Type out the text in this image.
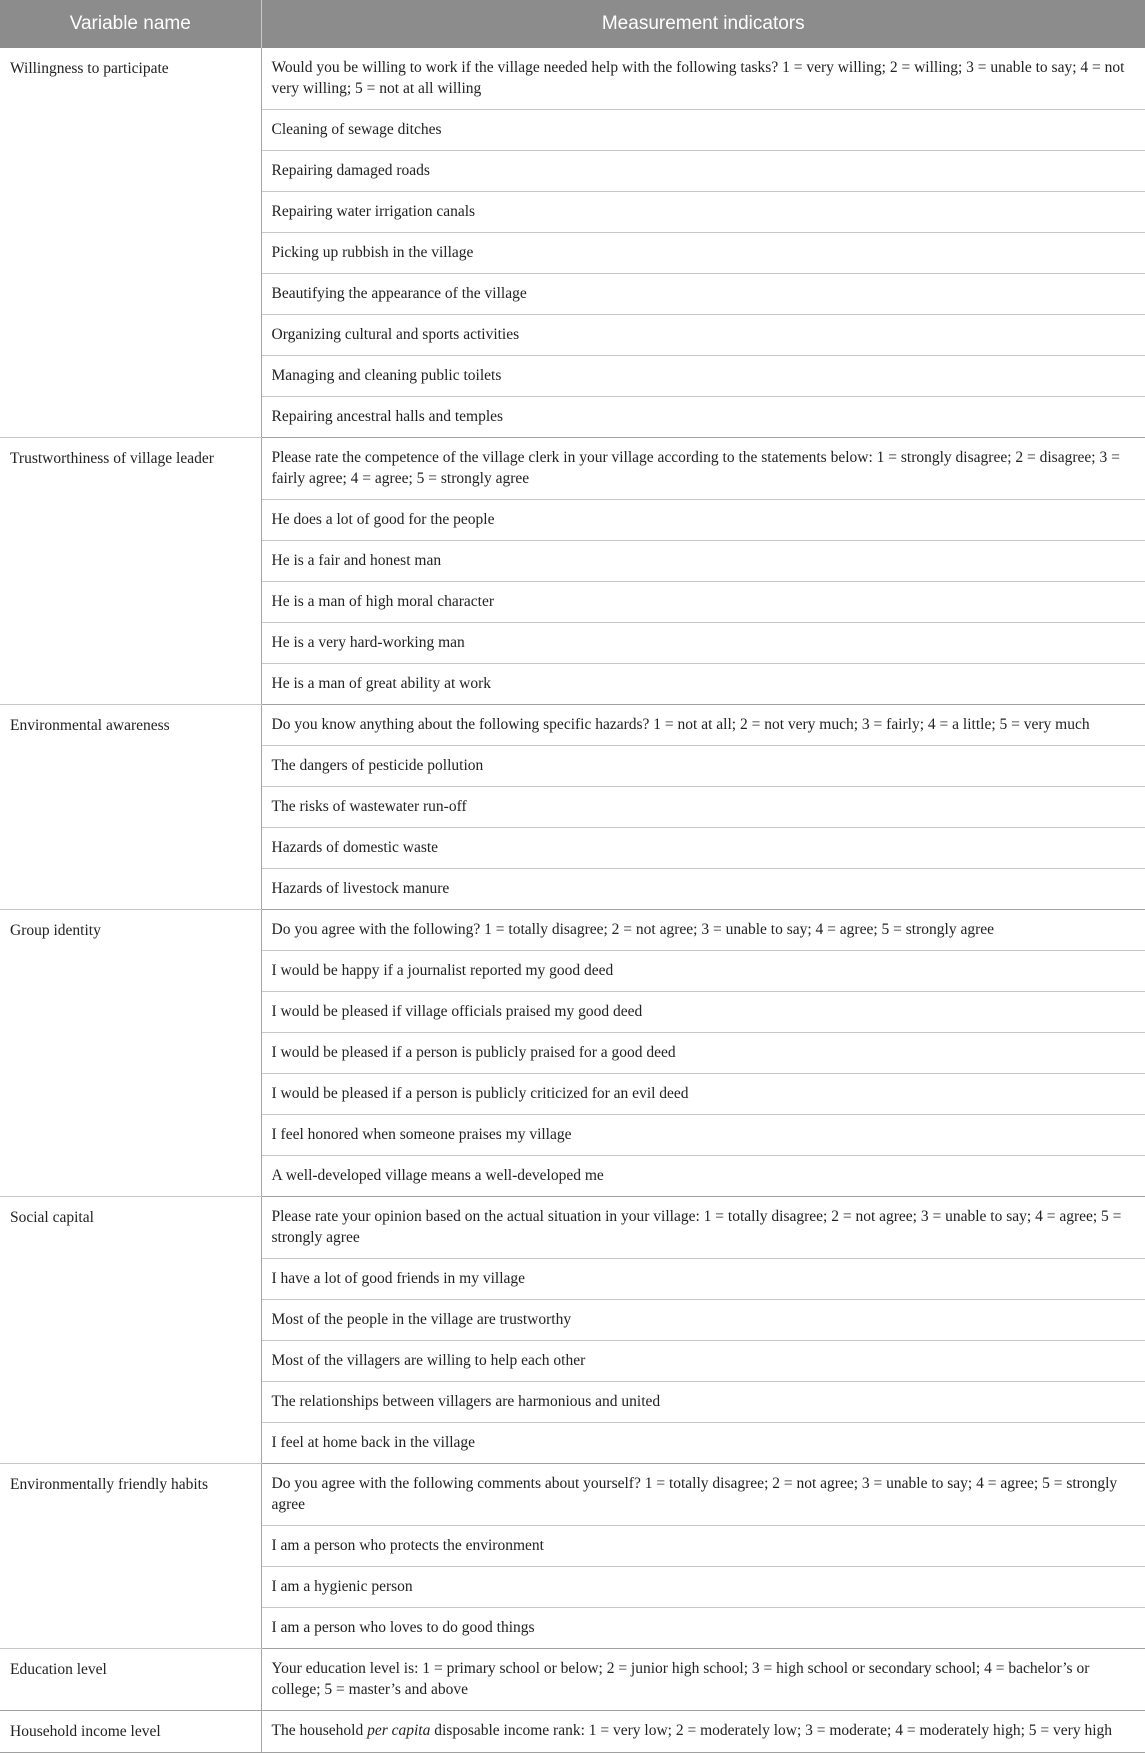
Variable name	Measurement indicators
Willingness to participate	Would you be willing to work if the village needed help with the following tasks? 1 = very willing; 2 = willing; 3 = unable to say; 4 = not very willing; 5 = not at all willing
	Cleaning of sewage ditches
	Repairing damaged roads
	Repairing water irrigation canals
	Picking up rubbish in the village
	Beautifying the appearance of the village
	Organizing cultural and sports activities
	Managing and cleaning public toilets
	Repairing ancestral halls and temples
Trustworthiness of village leader	Please rate the competence of the village clerk in your village according to the statements below: 1 = strongly disagree; 2 = disagree; 3 = fairly agree; 4 = agree; 5 = strongly agree
	He does a lot of good for the people
	He is a fair and honest man
	He is a man of high moral character
	He is a very hard-working man
	He is a man of great ability at work
Environmental awareness	Do you know anything about the following specific hazards? 1 = not at all; 2 = not very much; 3 = fairly; 4 = a little; 5 = very much
	The dangers of pesticide pollution
	The risks of wastewater run-off
	Hazards of domestic waste
	Hazards of livestock manure
Group identity	Do you agree with the following? 1 = totally disagree; 2 = not agree; 3 = unable to say; 4 = agree; 5 = strongly agree
	I would be happy if a journalist reported my good deed
	I would be pleased if village officials praised my good deed
	I would be pleased if a person is publicly praised for a good deed
	I would be pleased if a person is publicly criticized for an evil deed
	I feel honored when someone praises my village
	A well-developed village means a well-developed me
Social capital	Please rate your opinion based on the actual situation in your village: 1 = totally disagree; 2 = not agree; 3 = unable to say; 4 = agree; 5 = strongly agree
	I have a lot of good friends in my village
	Most of the people in the village are trustworthy
	Most of the villagers are willing to help each other
	The relationships between villagers are harmonious and united
	I feel at home back in the village
Environmentally friendly habits	Do you agree with the following comments about yourself? 1 = totally disagree; 2 = not agree; 3 = unable to say; 4 = agree; 5 = strongly agree
	I am a person who protects the environment
	I am a hygienic person
	I am a person who loves to do good things
Education level	Your education level is: 1 = primary school or below; 2 = junior high school; 3 = high school or secondary school; 4 = bachelor’s or college; 5 = master’s and above
Household income level	The household per capita disposable income rank: 1 = very low; 2 = moderately low; 3 = moderate; 4 = moderately high; 5 = very high
